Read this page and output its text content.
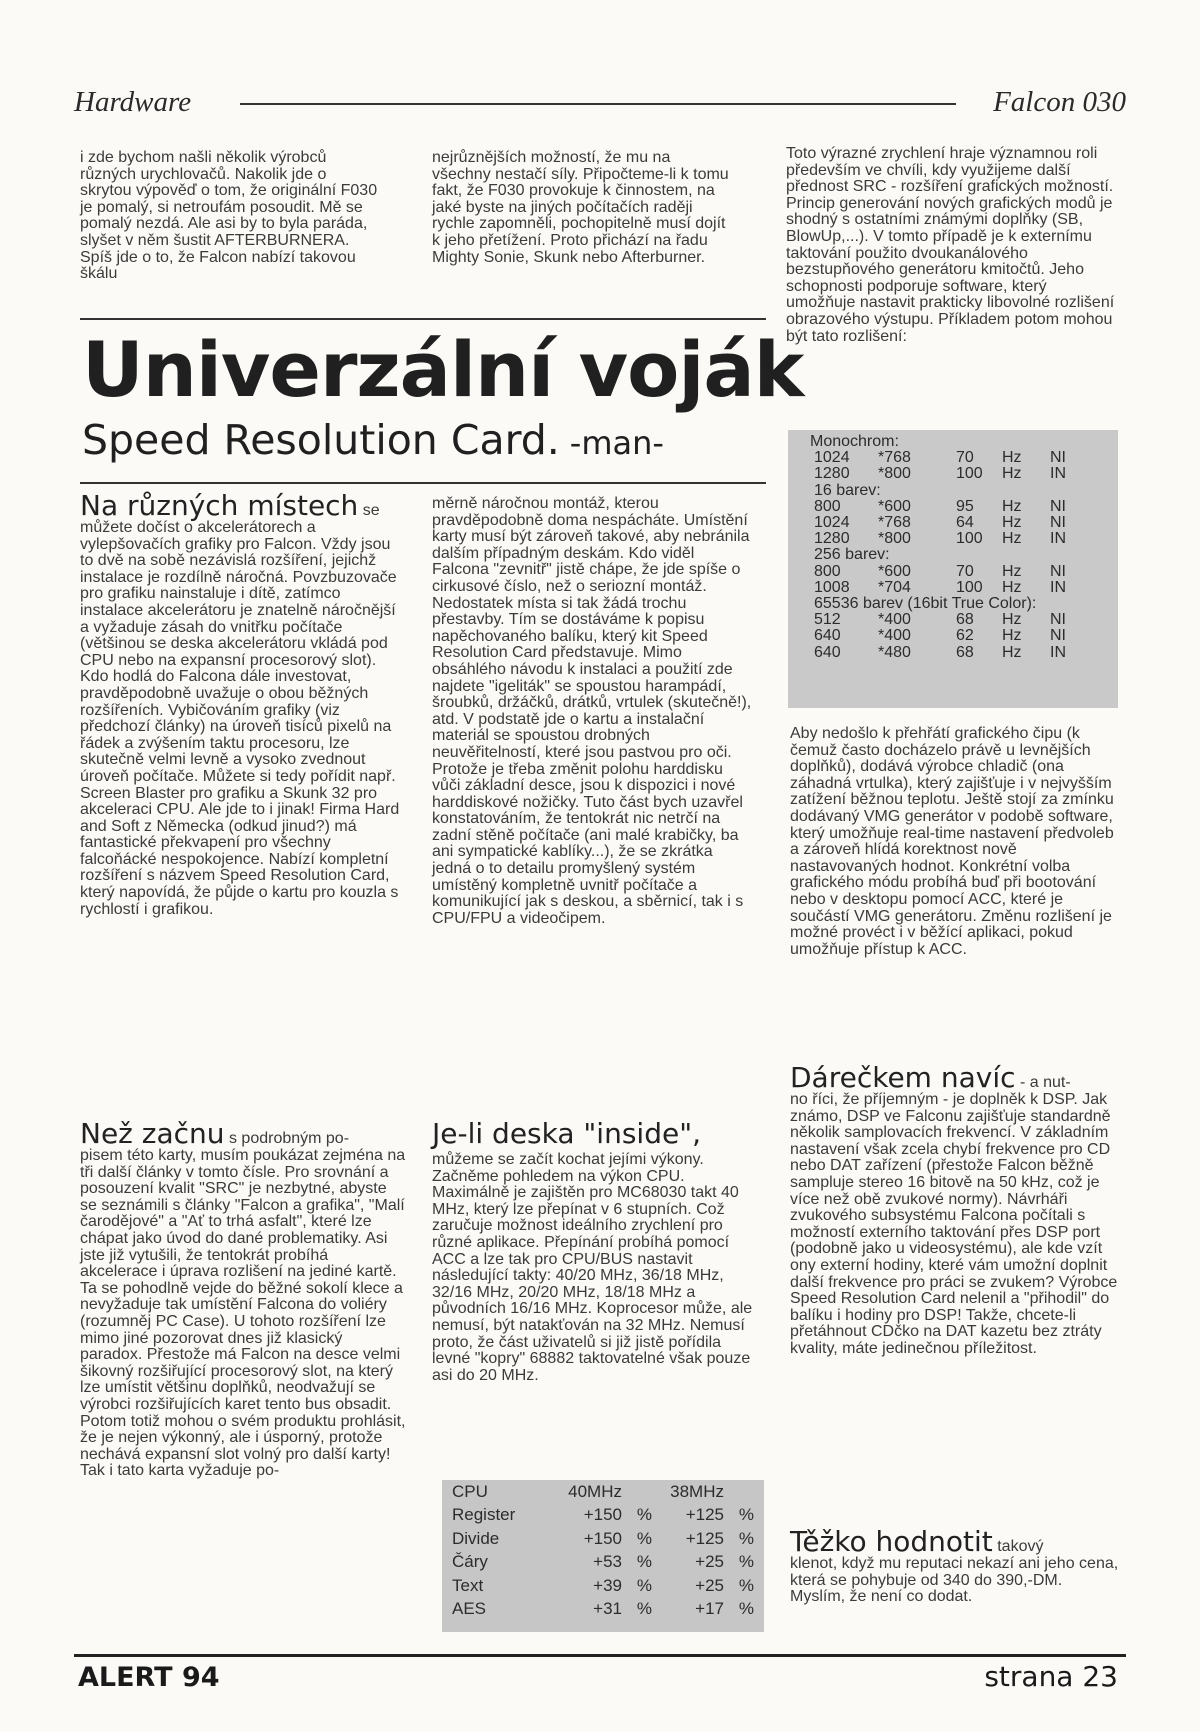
Hardware	Falcon 030

i zde bychom našli několik výrobců různých urychlovačů. Nakolik jde o skrytou výpověď o tom, že originální F030 je pomalý, si netroufám posoudit. Mě se pomalý nezdá. Ale asi by to byla paráda, slyšet v něm šustit AFTERBURNERA. Spíš jde o to, že Falcon nabízí takovou škálu

nejrůznějších možností, že mu na všechny nestačí síly. Připočteme-li k tomu fakt, že F030 provokuje k činnostem, na jaké byste na jiných počítačích raději rychle zapomněli, pochopitelně musí dojít k jeho přetížení. Proto přichází na řadu Mighty Sonie, Skunk nebo Afterburner.

Univerzální voják
Speed Resolution Card. -man-
Na různých místech se

můžete dočíst o akcelerátorech a vylepšovačích grafiky pro Falcon. Vždy jsou to dvě na sobě nezávislá rozšíření, jejichž instalace je rozdílně náročná. Povzbuzovače pro grafiku nainstaluje i dítě, zatímco instalace akcelerátoru je znatelně náročnější a vyžaduje zásah do vnitřku počítače (většinou se deska akcelerátoru vkládá pod CPU nebo na expansní procesorový slot). Kdo hodlá do Falcona dále investovat, pravděpodobně uvažuje o obou běžných rozšířeních. Vybičováním grafiky (viz předchozí články) na úroveň tisíců pixelů na řádek a zvýšením taktu procesoru, lze skutečně velmi levně a vysoko zvednout úroveň počítače. Můžete si tedy pořídit např. Screen Blaster pro grafiku a Skunk 32 pro akceleraci CPU. Ale jde to i jinak! Firma Hard and Soft z Německa (odkud jinud?) má fantastické překvapení pro všechny falcoňácké nespokojence. Nabízí kompletní rozšíření s názvem Speed Resolution Card, který napovídá, že půjde o kartu pro kouzla s rychlostí i grafikou.

Než začnu s podrobným po-

pisem této karty, musím poukázat zejména na tři další články v tomto čísle. Pro srovnání a posouzení kvalit "SRC" je nezbytné, abyste se seznámili s články "Falcon a grafika", "Malí čarodějové" a "Ať to trhá asfalt", které lze chápat jako úvod do dané problematiky. Asi jste již vytušili, že tentokrát probíhá akcelerace i úprava rozlišení na jediné kartě. Ta se pohodlně vejde do běžné sokolí klece a nevyžaduje tak umístění Falcona do voliéry (rozumněj PC Case). U tohoto rozšíření lze mimo jiné pozorovat dnes již klasický paradox. Přestože má Falcon na desce velmi šikovný rozšiřující procesorový slot, na který lze umístit většinu doplňků, neodvažují se výrobci rozšiřujících karet tento bus obsadit. Potom totiž mohou o svém produktu prohlásit, že je nejen výkonný, ale i úsporný, protože nechává expansní slot volný pro další karty! Tak i tato karta vyžaduje po-

měrně náročnou montáž, kterou pravděpodobně doma nespácháte. Umístění karty musí být zároveň takové, aby nebránila dalším případným deskám. Kdo viděl Falcona "zevnitř" jistě chápe, že jde spíše o cirkusové číslo, než o seriozní montáž. Nedostatek místa si tak žádá trochu přestavby. Tím se dostáváme k popisu napěchovaného balíku, který kit Speed Resolution Card představuje. Mimo obsáhlého návodu k instalaci a použití zde najdete "igeliták" se spoustou harampádí, šroubků, držáčků, drátků, vrtulek (skutečně!), atd. V podstatě jde o kartu a instalační materiál se spoustou drobných neuvěřitelností, které jsou pastvou pro oči. Protože je třeba změnit polohu harddisku vůči základní desce, jsou k dispozici i nové harddiskové nožičky. Tuto část bych uzavřel konstatováním, že tentokrát nic netrčí na zadní stěně počítače (ani malé krabičky, ba ani sympatické kablíky...), že se zkrátka jedná o to detailu promyšlený systém umístěný kompletně uvnitř počítače a komunikující jak s deskou, a sběrnicí, tak i s CPU/FPU a videočipem.

Je-li deska "inside",

můžeme se začít kochat jejími výkony. Začněme pohledem na výkon CPU. Maximálně je zajištěn pro MC68030 takt 40 MHz, který lze přepínat v 6 stupních. Což zaručuje možnost ideálního zrychlení pro různé aplikace. Přepínání probíhá pomocí ACC a lze tak pro CPU/BUS nastavit následující takty: 40/20 MHz, 36/18 MHz, 32/16 MHz, 20/20 MHz, 18/18 MHz a původních 16/16 MHz. Koprocesor může, ale nemusí, být natakťován na 32 MHz. Nemusí proto, že část uživatelů si již jistě pořídila levné "kopry" 68882 taktovatelné však pouze asi do 20 MHz.

CPU	40MHz	38MHz
Register	+150 %	+125 %
Divide	+150 %	+125 %
Čáry	+53 %	+25 %
Text	+39 %	+25 %
AES	+31 %	+17 %

Toto výrazné zrychlení hraje významnou roli především ve chvíli, kdy využijeme další přednost SRC - rozšíření grafických možností. Princip generování nových grafických modů je shodný s ostatními známými doplňky (SB, BlowUp,...). V tomto případě je k externímu taktování použito dvoukanálového bezstupňového generátoru kmitočtů. Jeho schopnosti podporuje software, který umožňuje nastavit prakticky libovolné rozlišení obrazového výstupu. Příkladem potom mohou být tato rozlišení:

Monochrom:
1024	*768	70	Hz	NI
1280	*800	100	Hz	IN
16 barev:
800	*600	95	Hz	NI
1024	*768	64	Hz	NI
1280	*800	100	Hz	IN
256 barev:
800	*600	70	Hz	NI
1008	*704	100	Hz	IN
65536 barev (16bit True Color):
512	*400	68	Hz	NI
640	*400	62	Hz	NI
640	*480	68	Hz	IN

Aby nedošlo k přehřátí grafického čipu (k čemuž často docházelo právě u levnějších doplňků), dodává výrobce chladič (ona záhadná vrtulka), který zajišťuje i v nejvyšším zatížení běžnou teplotu. Ještě stojí za zmínku dodávaný VMG generátor v podobě software, který umožňuje real-time nastavení předvoleb a zároveň hlídá korektnost nově nastavovaných hodnot. Konkrétní volba grafického módu probíhá buď při bootování nebo v desktopu pomocí ACC, které je součástí VMG generátoru. Změnu rozlišení je možné provéct i v běžící aplikaci, pokud umožňuje přístup k ACC.

Dárečkem navíc - a nut-

no říci, že příjemným - je doplněk k DSP. Jak známo, DSP ve Falconu zajišťuje standardně několik samplovacích frekvencí. V základním nastavení však zcela chybí frekvence pro CD nebo DAT zařízení (přestože Falcon běžně sampluje stereo 16 bitově na 50 kHz, což je více než obě zvukové normy). Návrháři zvukového subsystému Falcona počítali s možností externího taktování přes DSP port (podobně jako u videosystému), ale kde vzít ony externí hodiny, které vám umožní doplnit další frekvence pro práci se zvukem? Výrobce Speed Resolution Card nelenil a "přihodil" do balíku i hodiny pro DSP! Takže, chcete-li přetáhnout CDčko na DAT kazetu bez ztráty kvality, máte jedinečnou příležitost.

Těžko hodnotit takový

klenot, když mu reputaci nekazí ani jeho cena, která se pohybuje od 340 do 390,-DM. Myslím, že není co dodat.

ALERT 94	strana 23
